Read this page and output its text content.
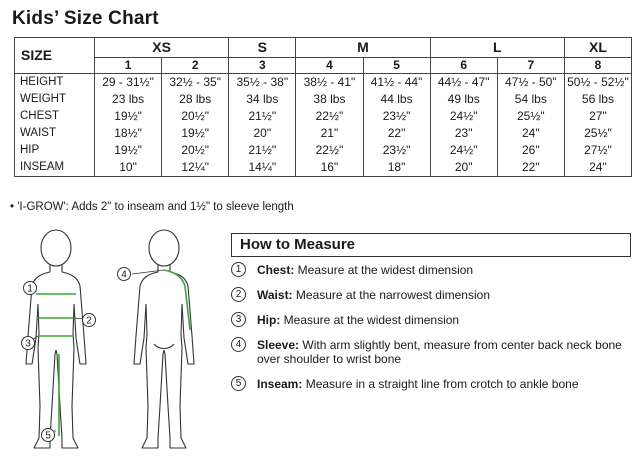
Kids’ Size Chart
SIZE	XS		S	M		L		XL
	1	2	3	4	5	6	7	8
HEIGHT	29 - 31½"	32½ - 35"	35½ - 38"	38½ - 41"	41½ - 44"	44½ - 47"	47½ - 50"	50½ - 52½"
WEIGHT	23 lbs	28 lbs	34 lbs	38 lbs	44 lbs	49 lbs	54 lbs	56 lbs
CHEST	19½"	20½"	21½"	22½"	23½"	24½"	25½"	27"
WAIST	18½"	19½"	20"	21"	22"	23"	24"	25½"
HIP	19½"	20½"	21½"	22½"	23½"	24½"	26"	27½"
INSEAM	10"	12¼"	14¼"	16"	18"	20"	22"	24"
• 'I-GROW': Adds 2" to inseam and 1½" to sleeve length
1
2
3
4
5
How to Measure
1	Chest: Measure at the widest dimension
2	Waist: Measure at the narrowest dimension
3	Hip: Measure at the widest dimension
4	Sleeve: With arm slightly bent, measure from center back neck bone over shoulder to wrist bone
5	Inseam: Measure in a straight line from crotch to ankle bone
